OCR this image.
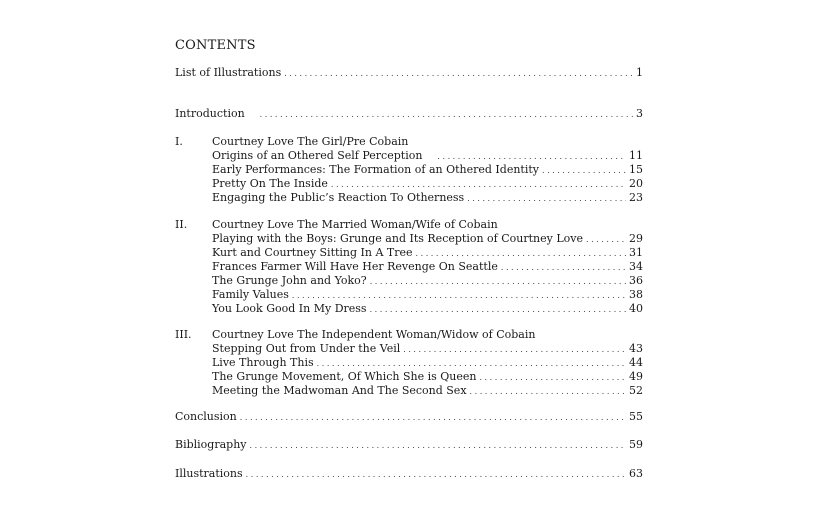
CONTENTS
List of Illustrations . . .	1
Introduction . . .	3
I.	Courtney Love The Girl/Pre Cobain
Origins of an Othered Self Perception . . .	11
Early Performances: The Formation of an Othered Identity . . .	15
Pretty On The Inside . . .	20
Engaging the Public’s Reaction To Otherness . . .	23
II. Courtney Love The Married Woman/Wife of Cobain
Playing with the Boys: Grunge and Its Reception of Courtney Love . . .	29
Kurt and Courtney Sitting In A Tree . . .	31
Frances Farmer Will Have Her Revenge On Seattle . . .	34
The Grunge John and Yoko? . . .	36
Family Values . . .	38
You Look Good In My Dress . . .	40
III. Courtney Love The Independent Woman/Widow of Cobain
Stepping Out from Under the Veil . . .	43
Live Through This . . .	44
The Grunge Movement, Of Which She is Queen . . .	49
Meeting the Madwoman And The Second Sex . . .	52
Conclusion . . .	55
Bibliography . . .	59
Illustrations . . .	63
